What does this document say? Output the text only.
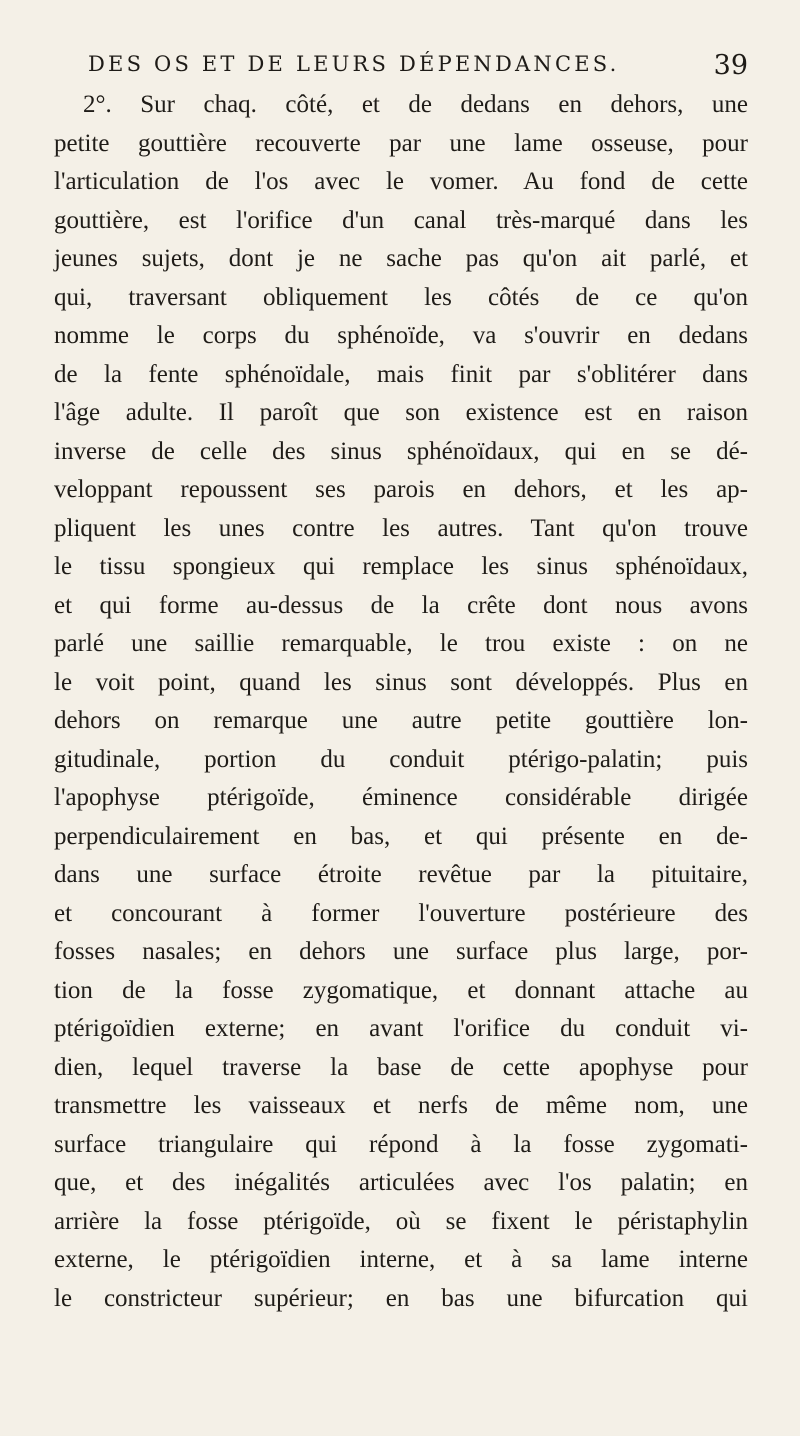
DES OS ET DE LEURS DÉPENDANCES.	39
2°. Sur chaq. côté, et de dedans en dehors, une
petite gouttière recouverte par une lame osseuse, pour
l'articulation de l'os avec le vomer. Au fond de cette
gouttière, est l'orifice d'un canal très-marqué dans les
jeunes sujets, dont je ne sache pas qu'on ait parlé, et
qui, traversant obliquement les côtés de ce qu'on
nomme le corps du sphénoïde, va s'ouvrir en dedans
de la fente sphénoïdale, mais finit par s'oblitérer dans
l'âge adulte. Il paroît que son existence est en raison
inverse de celle des sinus sphénoïdaux, qui en se dé-
veloppant repoussent ses parois en dehors, et les ap-
pliquent les unes contre les autres. Tant qu'on trouve
le tissu spongieux qui remplace les sinus sphénoïdaux,
et qui forme au-dessus de la crête dont nous avons
parlé une saillie remarquable, le trou existe : on ne
le voit point, quand les sinus sont développés. Plus en
dehors on remarque une autre petite gouttière lon-
gitudinale, portion du conduit ptérigo-palatin; puis
l'apophyse ptérigoïde, éminence considérable dirigée
perpendiculairement en bas, et qui présente en de-
dans une surface étroite revêtue par la pituitaire,
et concourant à former l'ouverture postérieure des
fosses nasales; en dehors une surface plus large, por-
tion de la fosse zygomatique, et donnant attache au
ptérigoïdien externe; en avant l'orifice du conduit vi-
dien, lequel traverse la base de cette apophyse pour
transmettre les vaisseaux et nerfs de même nom, une
surface triangulaire qui répond à la fosse zygomati-
que, et des inégalités articulées avec l'os palatin; en
arrière la fosse ptérigoïde, où se fixent le péristaphylin
externe, le ptérigoïdien interne, et à sa lame interne
le constricteur supérieur; en bas une bifurcation qui
